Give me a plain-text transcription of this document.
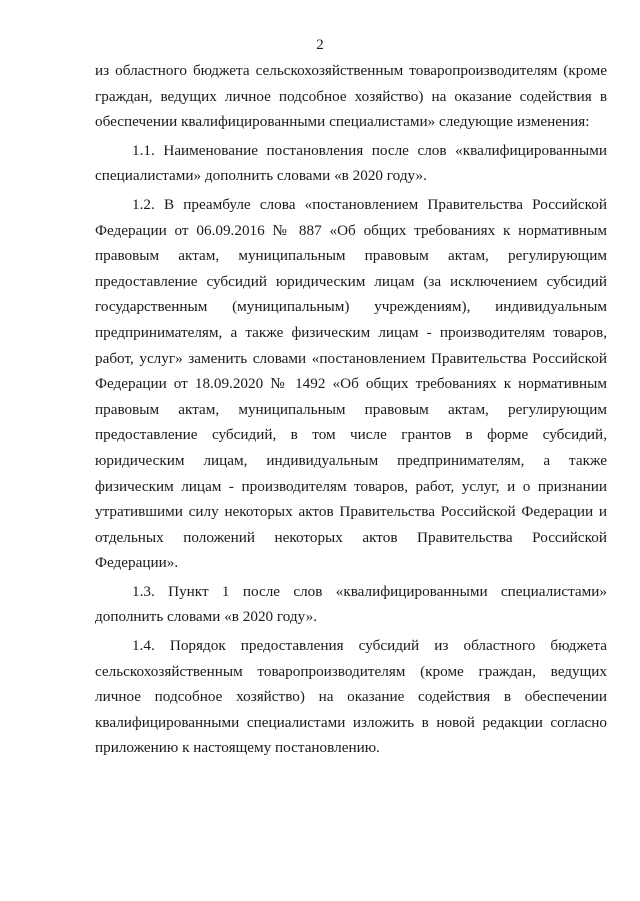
2

из областного бюджета сельскохозяйственным товаропроизводителям (кроме граждан, ведущих личное подсобное хозяйство) на оказание содействия в обеспечении квалифицированными специалистами» следующие изменения:

1.1. Наименование постановления после слов «квалифицированными специалистами» дополнить словами «в 2020 году».

1.2. В преамбуле слова «постановлением Правительства Российской Федерации от 06.09.2016 № 887 «Об общих требованиях к нормативным правовым актам, муниципальным правовым актам, регулирующим предоставление субсидий юридическим лицам (за исключением субсидий государственным (муниципальным) учреждениям), индивидуальным предпринимателям, а также физическим лицам - производителям товаров, работ, услуг» заменить словами «постановлением Правительства Российской Федерации от 18.09.2020 № 1492 «Об общих требованиях к нормативным правовым актам, муниципальным правовым актам, регулирующим предоставление субсидий, в том числе грантов в форме субсидий, юридическим лицам, индивидуальным предпринимателям, а также физическим лицам - производителям товаров, работ, услуг, и о признании утратившими силу некоторых актов Правительства Российской Федерации и отдельных положений некоторых актов Правительства Российской Федерации».

1.3. Пункт 1 после слов «квалифицированными специалистами» дополнить словами «в 2020 году».

1.4. Порядок предоставления субсидий из областного бюджета сельскохозяйственным товаропроизводителям (кроме граждан, ведущих личное подсобное хозяйство) на оказание содействия в обеспечении квалифицированными специалистами изложить в новой редакции согласно приложению к настоящему постановлению.
